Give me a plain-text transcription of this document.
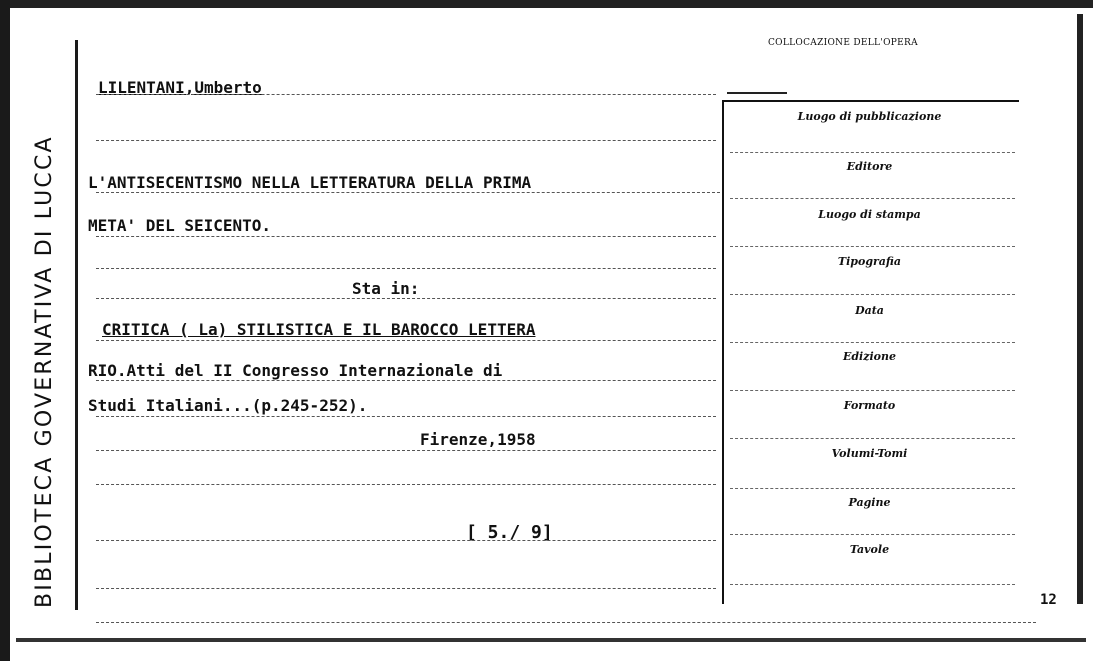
BIBLIOTECA GOVERNATIVA DI LUCCA
COLLOCAZIONE DELL'OPERA
LILENTANI,Umberto
L'ANTISECENTISMO NELLA LETTERATURA DELLA PRIMA
META' DEL SEICENTO.
Sta in:
CRITICA ( La) STILISTICA E IL BAROCCO LETTERA
RIO.Atti del II Congresso Internazionale di
Studi Italiani...(p.245-252).
Firenze,1958
[ 5./ 9]
Luogo di pubblicazione
Editore
Luogo di stampa
Tipografia
Data
Edizione
Formato
Volumi-Tomi
Pagine
Tavole
12
